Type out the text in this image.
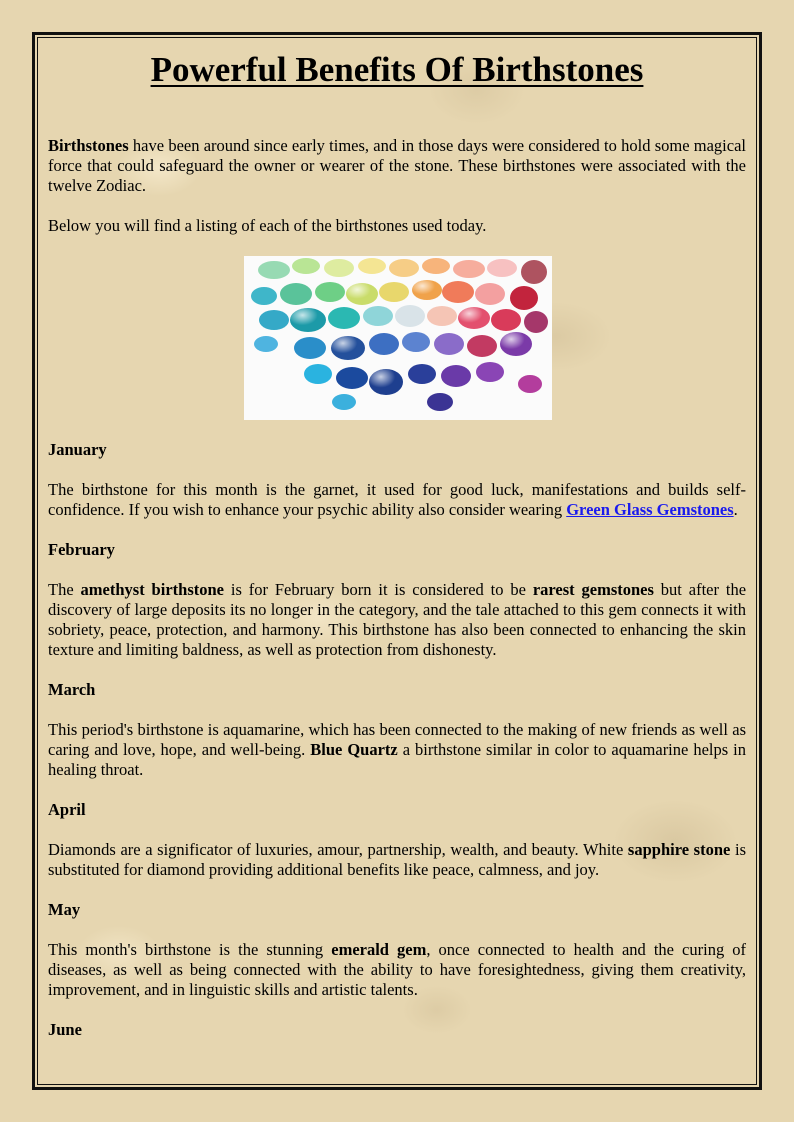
Powerful Benefits Of Birthstones

Birthstones have been around since early times, and in those days were considered to hold some magical force that could safeguard the owner or wearer of the stone. These birthstones were associated with the twelve Zodiac.

Below you will find a listing of each of the birthstones used today.

January

The birthstone for this month is the garnet, it used for good luck, manifestations and builds self-confidence. If you wish to enhance your psychic ability also consider wearing Green Glass Gemstones.

February

The amethyst birthstone is for February born it is considered to be rarest gemstones but after the discovery of large deposits its no longer in the category, and the tale attached to this gem connects it with sobriety, peace, protection, and harmony. This birthstone has also been connected to enhancing the skin texture and limiting baldness, as well as protection from dishonesty.

March

This period's birthstone is aquamarine, which has been connected to the making of new friends as well as caring and love, hope, and well-being. Blue Quartz a birthstone similar in color to aquamarine helps in healing throat.

April

Diamonds are a significator of luxuries, amour, partnership, wealth, and beauty. White sapphire stone is substituted for diamond providing additional benefits like peace, calmness, and joy.

May

This month's birthstone is the stunning emerald gem, once connected to health and the curing of diseases, as well as being connected with the ability to have foresightedness, giving them creativity, improvement, and in linguistic skills and artistic talents.

June
